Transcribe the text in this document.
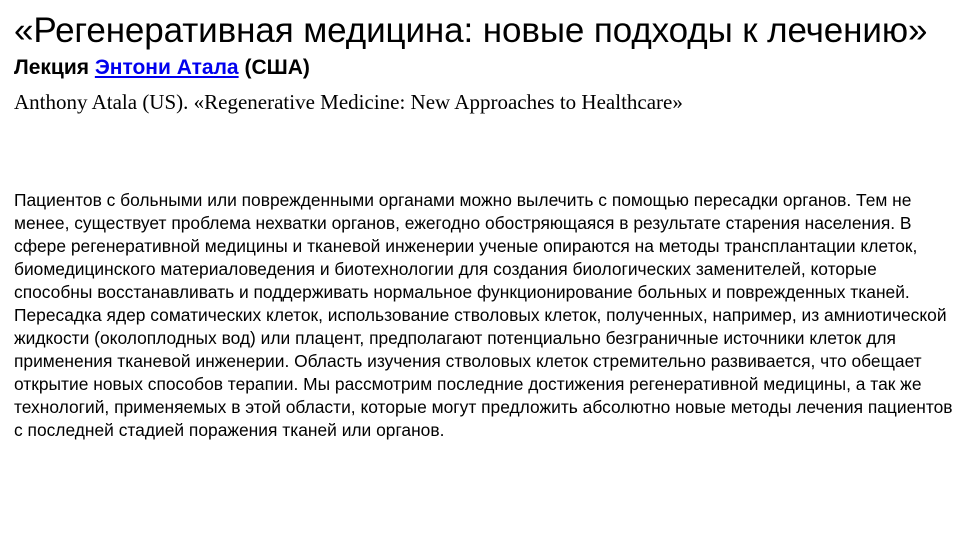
«Регенеративная медицина: новые подходы к лечению»
Лекция Энтони Атала (США)
Anthony Atala (US). «Regenerative Medicine: New Approaches to Healthcare»

Пациентов с больными или поврежденными органами можно вылечить с помощью пересадки органов. Тем не менее, существует проблема нехватки органов, ежегодно обостряющаяся в результате старения населения. В сфере регенеративной медицины и тканевой инженерии ученые опираются на методы трансплантации клеток, биомедицинского материаловедения и биотехнологии для создания биологических заменителей, которые способны восстанавливать и поддерживать нормальное функционирование больных и поврежденных тканей. Пересадка ядер соматических клеток, использование стволовых клеток, полученных, например, из амниотической жидкости (околоплодных вод) или плацент, предполагают потенциально безграничные источники клеток для применения тканевой инженерии. Область изучения стволовых клеток стремительно развивается, что обещает открытие новых способов терапии. Мы рассмотрим последние достижения регенеративной медицины, а так же технологий, применяемых в этой области, которые могут предложить абсолютно новые методы лечения пациентов с последней стадией поражения тканей или органов.
